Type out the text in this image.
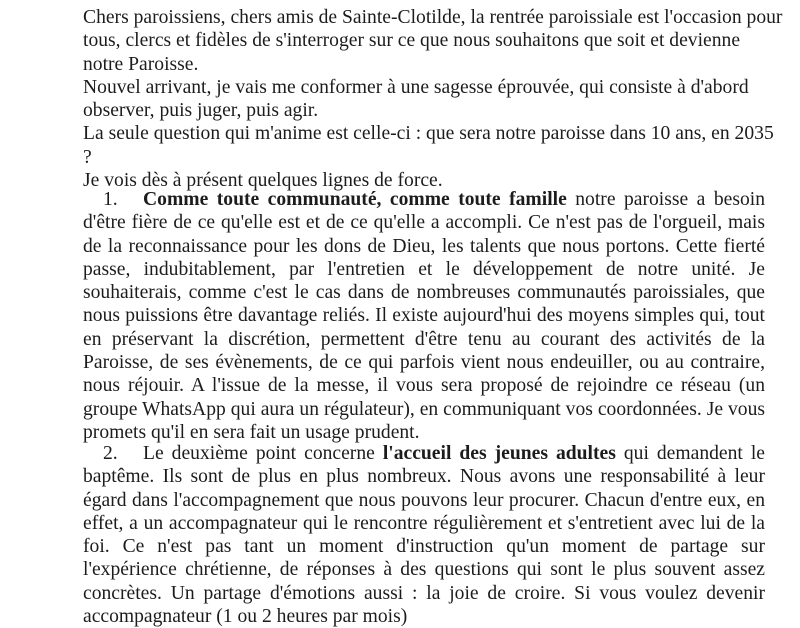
Chers paroissiens, chers amis de Sainte-Clotilde, la rentrée paroissiale est l'occasion pour tous, clercs et fidèles de s'interroger sur ce que nous souhaitons que soit et devienne notre Paroisse.

Nouvel arrivant, je vais me conformer à une sagesse éprouvée, qui consiste à d'abord observer, puis juger, puis agir.

La seule question qui m'anime est celle-ci : que sera notre paroisse dans 10 ans, en 2035 ?

Je vois dès à présent quelques lignes de force.

1. Comme toute communauté, comme toute famille notre paroisse a besoin d'être fière de ce qu'elle est et de ce qu'elle a accompli. Ce n'est pas de l'orgueil, mais de la reconnaissance pour les dons de Dieu, les talents que nous portons. Cette fierté passe, indubitablement, par l'entretien et le développement de notre unité. Je souhaiterais, comme c'est le cas dans de nombreuses communautés paroissiales, que nous puissions être davantage reliés. Il existe aujourd'hui des moyens simples qui, tout en préservant la discrétion, permettent d'être tenu au courant des activités de la Paroisse, de ses évènements, de ce qui parfois vient nous endeuiller, ou au contraire, nous réjouir. A l'issue de la messe, il vous sera proposé de rejoindre ce réseau (un groupe WhatsApp qui aura un régulateur), en communiquant vos coordonnées. Je vous promets qu'il en sera fait un usage prudent.

2. Le deuxième point concerne l'accueil des jeunes adultes qui demandent le baptême. Ils sont de plus en plus nombreux. Nous avons une responsabilité à leur égard dans l'accompagnement que nous pouvons leur procurer. Chacun d'entre eux, en effet, a un accompagnateur qui le rencontre régulièrement et s'entretient avec lui de la foi. Ce n'est pas tant un moment d'instruction qu'un moment de partage sur l'expérience chrétienne, de réponses à des questions qui sont le plus souvent assez concrètes. Un partage d'émotions aussi : la joie de croire. Si vous voulez devenir accompagnateur (1 ou 2 heures par mois)
